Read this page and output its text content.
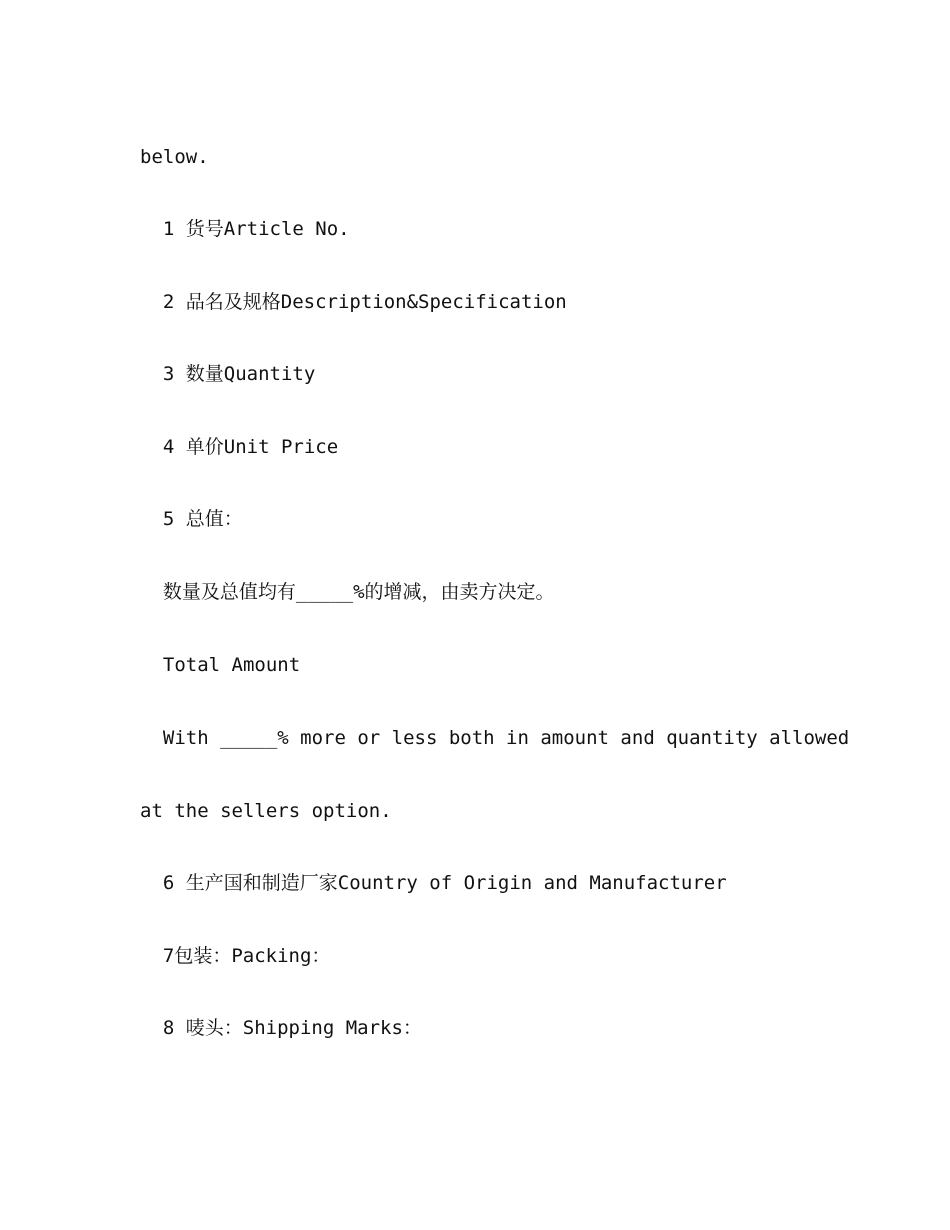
below.
1 货号Article No.
2 品名及规格Description&Specification
3 数量Quantity
4 单价Unit Price
5 总值：
数量及总值均有_____%的增减，由卖方决定。
Total Amount
With _____% more or less both in amount and quantity allowed
at the sellers option.
6 生产国和制造厂家Country of Origin and Manufacturer
7包装：Packing：
8 唛头：Shipping Marks：
